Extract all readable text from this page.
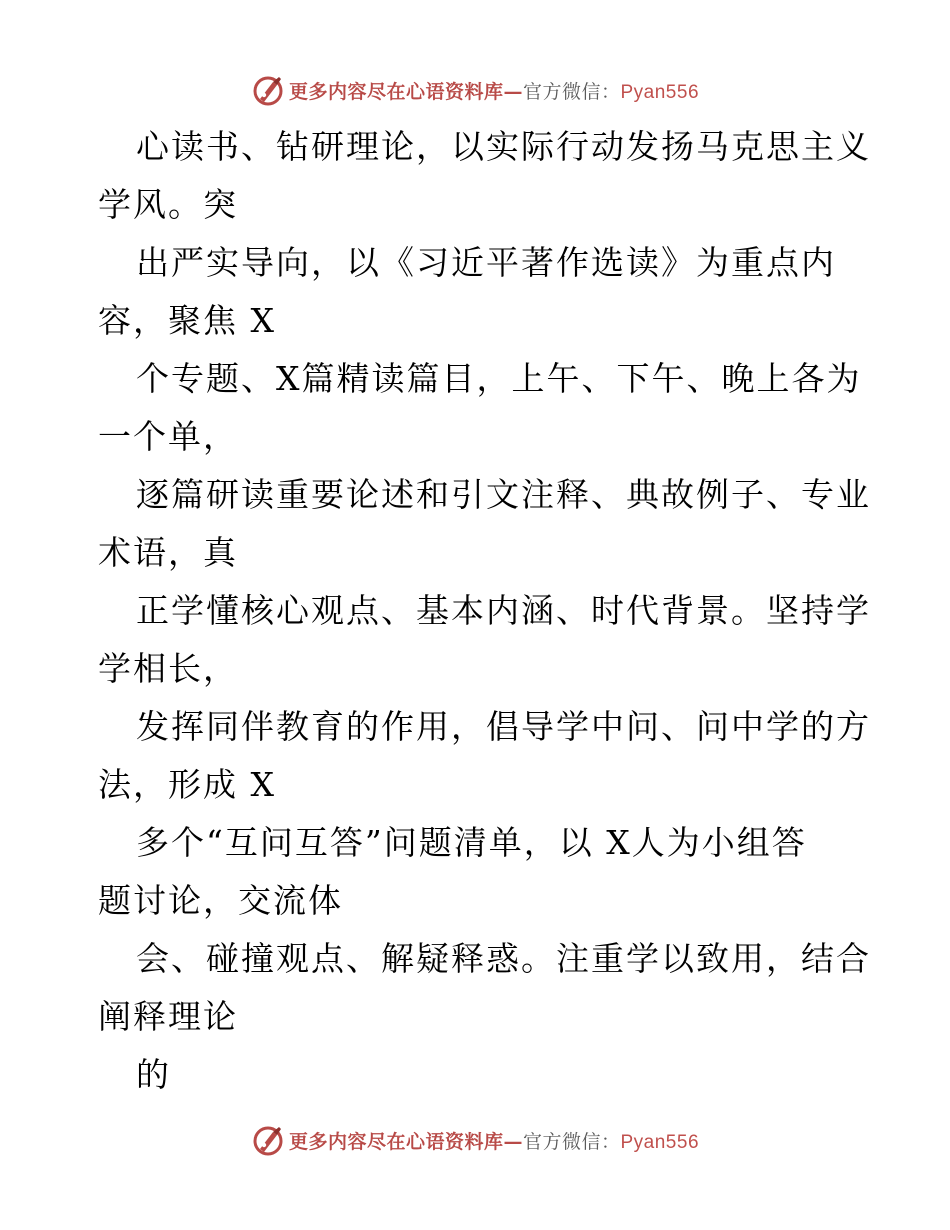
更多内容尽在心语资料库—官方微信：Pyan556
心读书、钻研理论，以实际行动发扬马克思主义
学风。突
出严实导向，以《习近平著作选读》为重点内
容，聚焦 X
个专题、X篇精读篇目，上午、下午、晚上各为
一个单，
逐篇研读重要论述和引文注释、典故例子、专业
术语，真
正学懂核心观点、基本内涵、时代背景。坚持学
学相长，
发挥同伴教育的作用，倡导学中问、问中学的方
法，形成 X
多个“互问互答”问题清单，以 X人为小组答
题讨论，交流体
会、碰撞观点、解疑释惑。注重学以致用，结合
阐释理论
的
更多内容尽在心语资料库—官方微信：Pyan556
